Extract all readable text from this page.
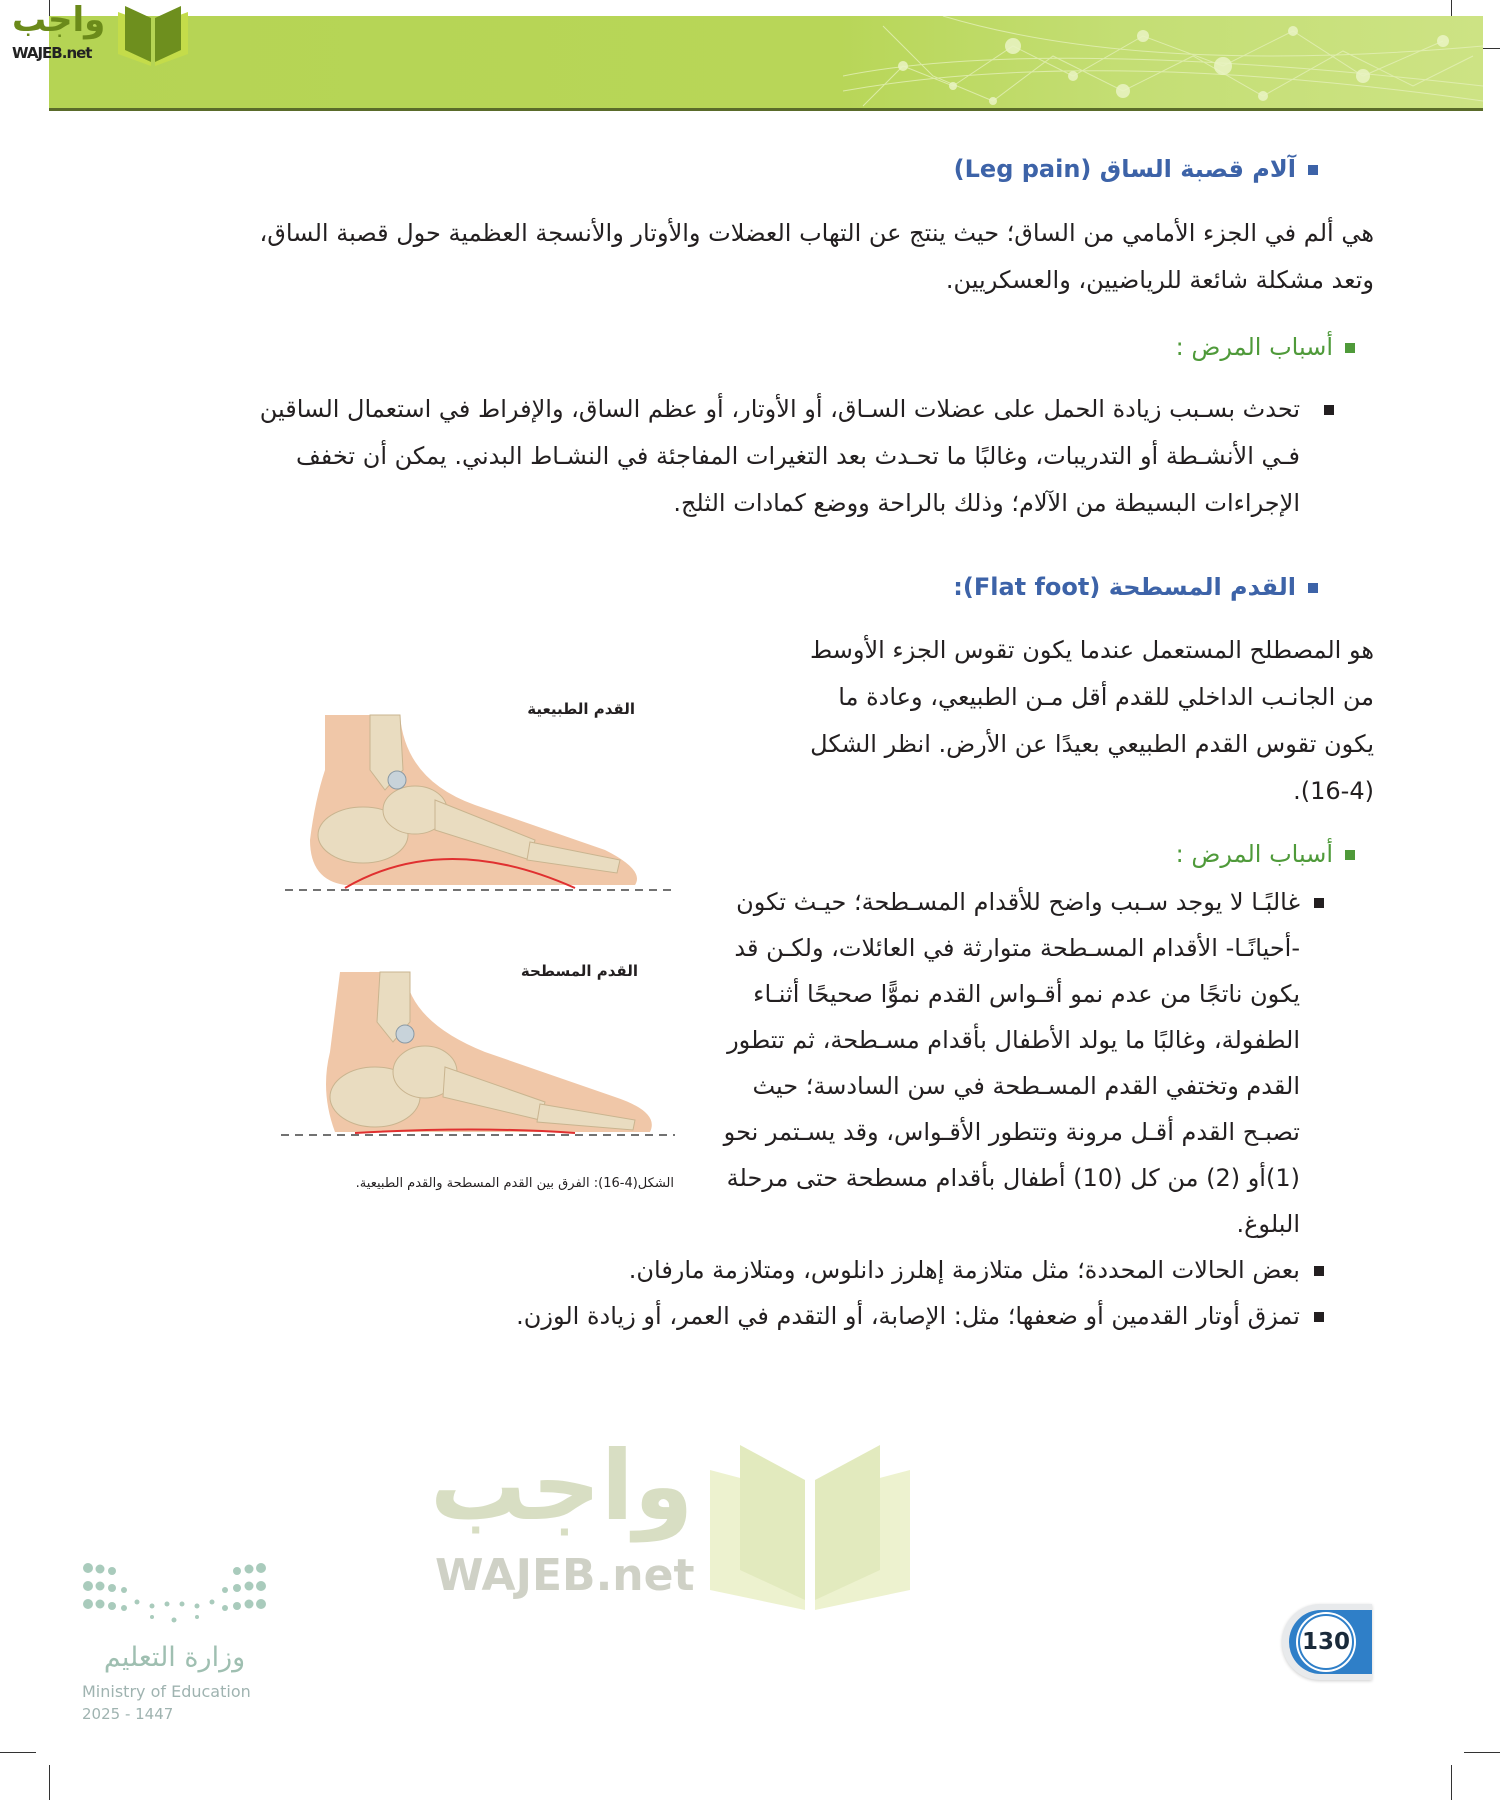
واجب
WAJEB.net
آلام قصبة الساق (Leg pain)
هي ألم في الجزء الأمامي من الساق؛ حيث ينتج عن التهاب العضلات والأوتار والأنسجة العظمية حول قصبة الساق، وتعد مشكلة شائعة للرياضيين، والعسكريين.
أسباب المرض :
تحدث بسـبب زيادة الحمل على عضلات السـاق، أو الأوتار، أو عظم الساق، والإفراط في استعمال الساقين فـي الأنشـطة أو التدريبات، وغالبًا ما تحـدث بعد التغيرات المفاجئة في النشـاط البدني. يمكن أن تخفف الإجراءات البسيطة من الآلام؛ وذلك بالراحة ووضع كمادات الثلج.
القدم المسطحة (Flat foot):
هو المصطلح المستعمل عندما يكون تقوس الجزء الأوسط من الجانـب الداخلي للقدم أقل مـن الطبيعي، وعادة ما يكون تقوس القدم الطبيعي بعيدًا عن الأرض. انظر الشكل (4-16).
أسباب المرض :
غالبًـا لا يوجد سـبب واضح للأقدام المسـطحة؛ حيـث تكون -أحيانًـا- الأقدام المسـطحة متوارثة في العائلات، ولكـن قد يكون ناتجًا من عدم نمو أقـواس القدم نموًّا صحيحًا أثنـاء الطفولة، وغالبًا ما يولد الأطفال بأقدام مسـطحة، ثم تتطور القدم وتختفي القدم المسـطحة في سن السادسة؛ حيث تصبـح القدم أقـل مرونة وتتطور الأقـواس، وقد يسـتمر نحو (1)أو (2) من كل (10) أطفال بأقدام مسطحة حتى مرحلة البلوغ.
بعض الحالات المحددة؛ مثل متلازمة إهلرز دانلوس، ومتلازمة مارفان.
تمزق أوتار القدمين أو ضعفها؛ مثل: الإصابة، أو التقدم في العمر، أو زيادة الوزن.
القدم الطبيعية
القدم المسطحة
الشكل(4-16): الفرق بين القدم المسطحة والقدم الطبيعية.
واجب
WAJEB.net
وزارة التعليم
Ministry of Education
2025 - 1447
130
